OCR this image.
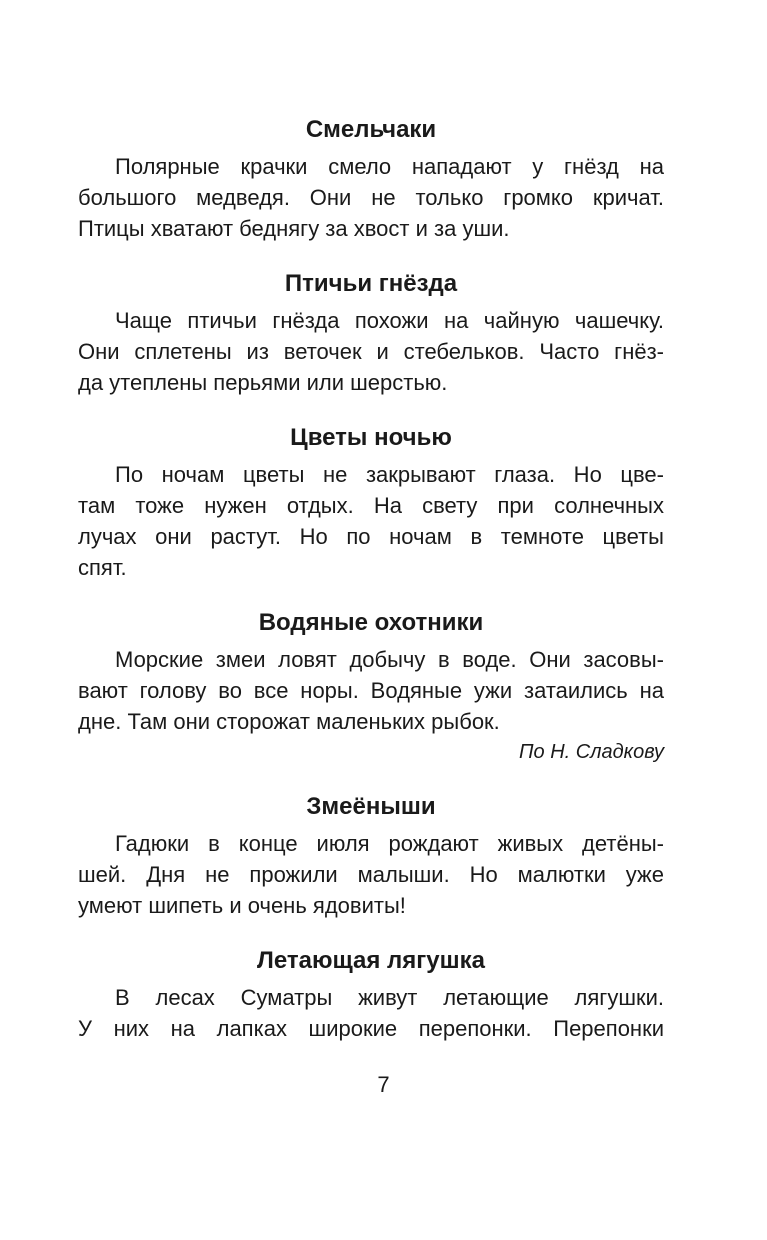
Смельчаки

Полярные крачки смело нападают у гнёзд на
большого медведя. Они не только громко кричат.
Птицы хватают беднягу за хвост и за уши.

Птичьи гнёзда

Чаще птичьи гнёзда похожи на чайную чашечку.
Они сплетены из веточек и стебельков. Часто гнёз-
да утеплены перьями или шерстью.

Цветы ночью

По ночам цветы не закрывают глаза. Но цве-
там тоже нужен отдых. На свету при солнечных
лучах они растут. Но по ночам в темноте цветы
спят.

Водяные охотники

Морские змеи ловят добычу в воде. Они засовы-
вают голову во все норы. Водяные ужи затаились на
дне. Там они сторожат маленьких рыбок.

По Н. Сладкову

Змеёныши

Гадюки в конце июля рождают живых детёны-
шей. Дня не прожили малыши. Но малютки уже
умеют шипеть и очень ядовиты!

Летающая лягушка

В лесах Суматры живут летающие лягушки.
У них на лапках широкие перепонки. Перепонки

7
